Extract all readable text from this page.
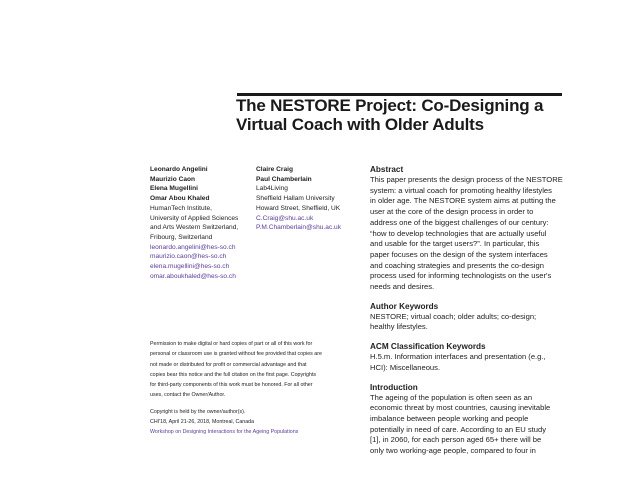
The NESTORE Project: Co-Designing a
Virtual Coach with Older Adults
Leonardo Angelini
Maurizio Caon
Elena Mugellini
Omar Abou Khaled
HumanTech Institute,
University of Applied Sciences
and Arts Western Switzerland,
Fribourg, Switzerland
leonardo.angelini@hes-so.ch
maurizio.caon@hes-so.ch
elena.mugellini@hes-so.ch
omar.aboukhaled@hes-so.ch
Claire Craig
Paul Chamberlain
Lab4Living
Sheffield Hallam University
Howard Street, Sheffield, UK
C.Craig@shu.ac.uk
P.M.Chamberlain@shu.ac.uk
Permission to make digital or hard copies of part or all of this work for
personal or classroom use is granted without fee provided that copies are
not made or distributed for profit or commercial advantage and that
copies bear this notice and the full citation on the first page. Copyrights
for third-party components of this work must be honored. For all other
uses, contact the Owner/Author.
Copyright is held by the owner/author(s).
CHI'18, April 21-26, 2018, Montreal, Canada
Workshop on Designing Interactions for the Ageing Populations
Abstract

This paper presents the design process of the NESTORE
system: a virtual coach for promoting healthy lifestyles
in older age. The NESTORE system aims at putting the
user at the core of the design process in order to
address one of the biggest challenges of our century:
“how to develop technologies that are actually useful
and usable for the target users?”. In particular, this
paper focuses on the design of the system interfaces
and coaching strategies and presents the co-design
process used for informing technologists on the user's
needs and desires.

Author Keywords

NESTORE; virtual coach; older adults; co-design;
healthy lifestyles.

ACM Classification Keywords

H.5.m. Information interfaces and presentation (e.g.,
HCI): Miscellaneous.

Introduction

The ageing of the population is often seen as an
economic threat by most countries, causing inevitable
imbalance between people working and people
potentially in need of care. According to an EU study
[1], in 2060, for each person aged 65+ there will be
only two working-age people, compared to four in
